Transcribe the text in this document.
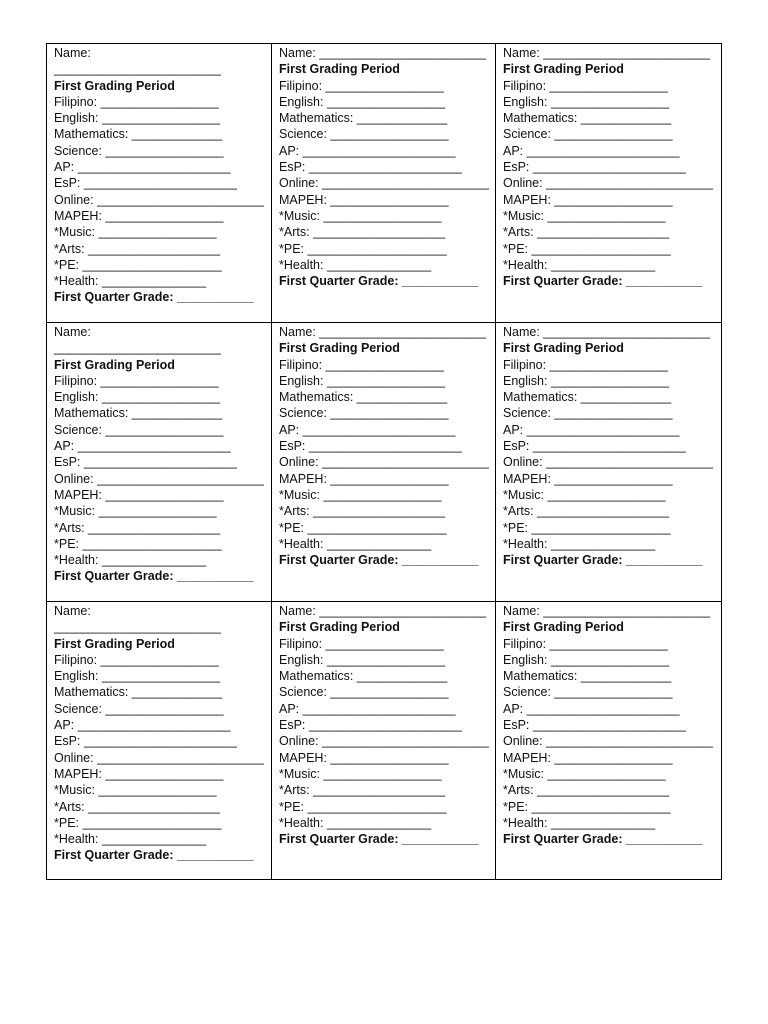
Name:
________________________
First Grading Period
Filipino: _________________
English: _________________
Mathematics: _____________
Science: _________________
AP: ______________________
EsP: ______________________
Online: ________________________
MAPEH: _________________
*Music: _________________
*Arts: ___________________
*PE: ____________________
*Health: _______________
First Quarter Grade: ___________
Name: ________________________
First Grading Period
Filipino: _________________
English: _________________
Mathematics: _____________
Science: _________________
AP: ______________________
EsP: ______________________
Online: ________________________
MAPEH: _________________
*Music: _________________
*Arts: ___________________
*PE: ____________________
*Health: _______________
First Quarter Grade: ___________
Name: ________________________
First Grading Period
Filipino: _________________
English: _________________
Mathematics: _____________
Science: _________________
AP: ______________________
EsP: ______________________
Online: ________________________
MAPEH: _________________
*Music: _________________
*Arts: ___________________
*PE: ____________________
*Health: _______________
First Quarter Grade: ___________
Name:
________________________
First Grading Period
Filipino: _________________
English: _________________
Mathematics: _____________
Science: _________________
AP: ______________________
EsP: ______________________
Online: ________________________
MAPEH: _________________
*Music: _________________
*Arts: ___________________
*PE: ____________________
*Health: _______________
First Quarter Grade: ___________
Name: ________________________
First Grading Period
Filipino: _________________
English: _________________
Mathematics: _____________
Science: _________________
AP: ______________________
EsP: ______________________
Online: ________________________
MAPEH: _________________
*Music: _________________
*Arts: ___________________
*PE: ____________________
*Health: _______________
First Quarter Grade: ___________
Name: ________________________
First Grading Period
Filipino: _________________
English: _________________
Mathematics: _____________
Science: _________________
AP: ______________________
EsP: ______________________
Online: ________________________
MAPEH: _________________
*Music: _________________
*Arts: ___________________
*PE: ____________________
*Health: _______________
First Quarter Grade: ___________
Name:
________________________
First Grading Period
Filipino: _________________
English: _________________
Mathematics: _____________
Science: _________________
AP: ______________________
EsP: ______________________
Online: ________________________
MAPEH: _________________
*Music: _________________
*Arts: ___________________
*PE: ____________________
*Health: _______________
First Quarter Grade: ___________
Name: ________________________
First Grading Period
Filipino: _________________
English: _________________
Mathematics: _____________
Science: _________________
AP: ______________________
EsP: ______________________
Online: ________________________
MAPEH: _________________
*Music: _________________
*Arts: ___________________
*PE: ____________________
*Health: _______________
First Quarter Grade: ___________
Name: ________________________
First Grading Period
Filipino: _________________
English: _________________
Mathematics: _____________
Science: _________________
AP: ______________________
EsP: ______________________
Online: ________________________
MAPEH: _________________
*Music: _________________
*Arts: ___________________
*PE: ____________________
*Health: _______________
First Quarter Grade: ___________
